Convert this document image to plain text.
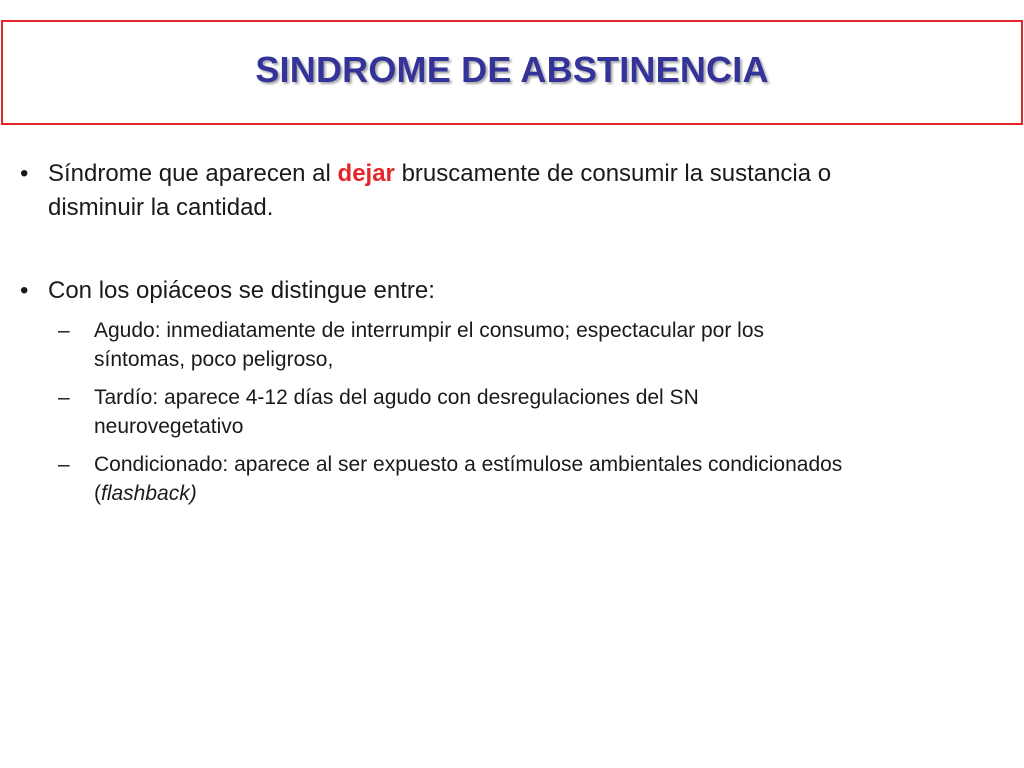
SINDROME DE ABSTINENCIA
• Síndrome que aparecen al dejar bruscamente de consumir la sustancia o
disminuir la cantidad.
• Con los opiáceos se distingue entre:
– Agudo: inmediatamente de interrumpir el consumo; espectacular por los
síntomas, poco peligroso,
– Tardío: aparece 4-12 días del agudo con desregulaciones del SN
neurovegetativo
– Condicionado: aparece al ser expuesto a estímulose ambientales condicionados
(flashback)
